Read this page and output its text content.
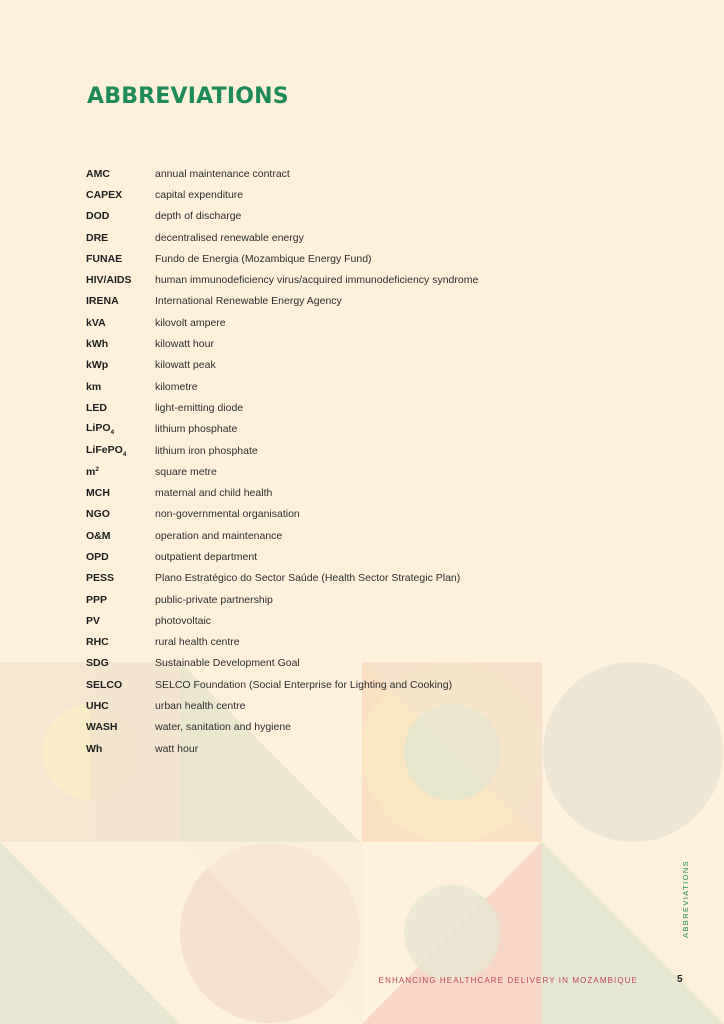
ABBREVIATIONS
AMC	annual maintenance contract
CAPEX	capital expenditure
DOD	depth of discharge
DRE	decentralised renewable energy
FUNAE	Fundo de Energia (Mozambique Energy Fund)
HIV/AIDS	human immunodeficiency virus/acquired immunodeficiency syndrome
IRENA	International Renewable Energy Agency
kVA	kilovolt ampere
kWh	kilowatt hour
kWp	kilowatt peak
km	kilometre
LED	light-emitting diode
LiPO$_4$	lithium phosphate
LiFePO$_4$	lithium iron phosphate
$m^2$	square metre
MCH	maternal and child health
NGO	non-governmental organisation
O&M	operation and maintenance
OPD	outpatient department
PESS	Plano Estratégico do Sector Saúde (Health Sector Strategic Plan)
PPP	public-private partnership
PV	photovoltaic
RHC	rural health centre
SDG	Sustainable Development Goal
SELCO	SELCO Foundation (Social Enterprise for Lighting and Cooking)
UHC	urban health centre
WASH	water, sanitation and hygiene
Wh	watt hour
ABBREVIATIONS
ENHANCING HEALTHCARE DELIVERY IN MOZAMBIQUE	5
